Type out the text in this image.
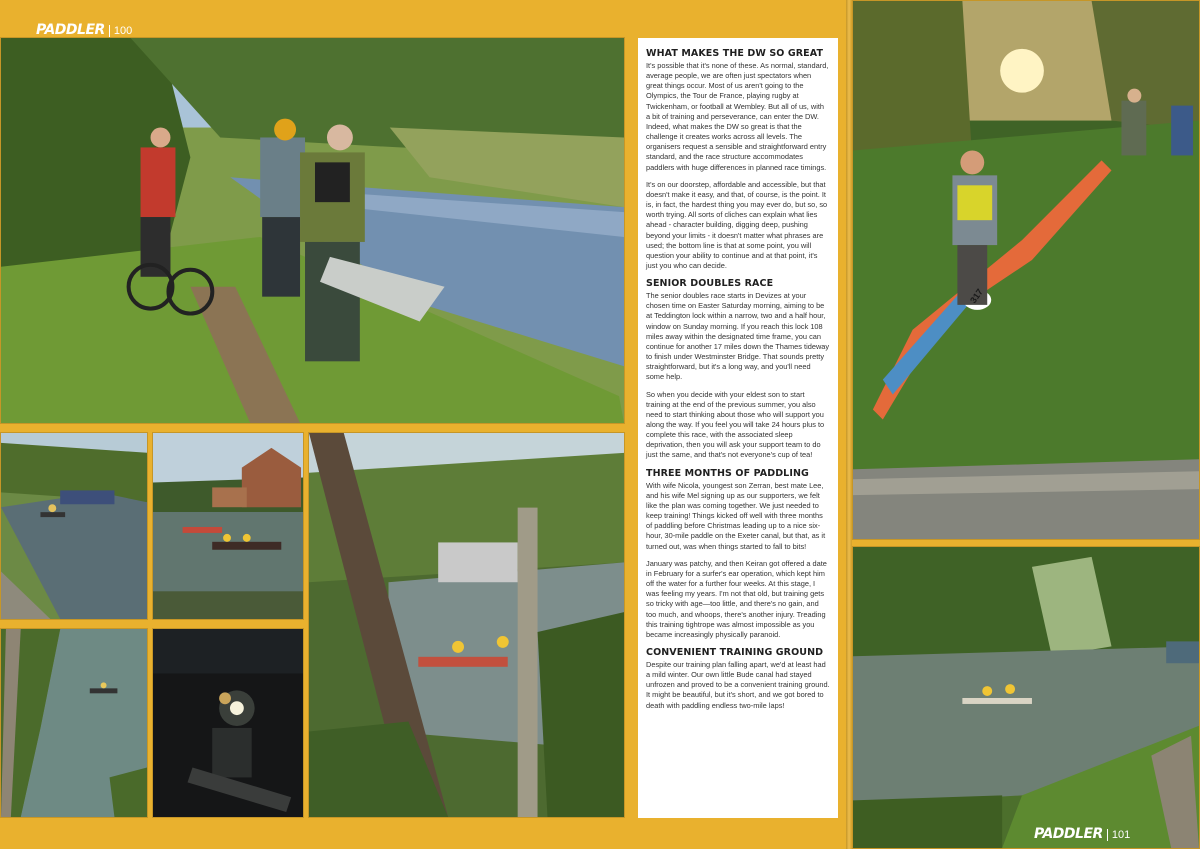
PADDLER 100
WHAT MAKES THE DW SO GREAT

It's possible that it's none of these. As normal, standard, average people, we are often just spectators when great things occur. Most of us aren't going to the Olympics, the Tour de France, playing rugby at Twickenham, or football at Wembley. But all of us, with a bit of training and perseverance, can enter the DW. Indeed, what makes the DW so great is that the challenge it creates works across all levels. The organisers request a sensible and straightforward entry standard, and the race structure accommodates paddlers with huge differences in planned race timings.

It's on our doorstep, affordable and accessible, but that doesn't make it easy, and that, of course, is the point. It is, in fact, the hardest thing you may ever do, but so, so worth trying. All sorts of cliches can explain what lies ahead - character building, digging deep, pushing beyond your limits - it doesn't matter what phrases are used; the bottom line is that at some point, you will question your ability to continue and at that point, it's just you who can decide.

SENIOR DOUBLES RACE

The senior doubles race starts in Devizes at your chosen time on Easter Saturday morning, aiming to be at Teddington lock within a narrow, two and a half hour, window on Sunday morning. If you reach this lock 108 miles away within the designated time frame, you can continue for another 17 miles down the Thames tideway to finish under Westminster Bridge. That sounds pretty straightforward, but it's a long way, and you'll need some help.

So when you decide with your eldest son to start training at the end of the previous summer, you also need to start thinking about those who will support you along the way. If you feel you will take 24 hours plus to complete this race, with the associated sleep deprivation, then you will ask your support team to do just the same, and that's not everyone's cup of tea!

THREE MONTHS OF PADDLING

With wife Nicola, youngest son Zerran, best mate Lee, and his wife Mel signing up as our supporters, we felt like the plan was coming together. We just needed to keep training! Things kicked off well with three months of paddling before Christmas leading up to a nice six-hour, 30-mile paddle on the Exeter canal, but that, as it turned out, was when things started to fall to bits!

January was patchy, and then Keiran got offered a date in February for a surfer's ear operation, which kept him off the water for a further four weeks. At this stage, I was feeling my years. I'm not that old, but training gets so tricky with age—too little, and there's no gain, and too much, and whoops, there's another injury. Treading this training tightrope was almost impossible as you became increasingly physically paranoid.

CONVENIENT TRAINING GROUND

Despite our training plan falling apart, we'd at least had a mild winter. Our own little Bude canal had stayed unfrozen and proved to be a convenient training ground. It might be beautiful, but it's short, and we got bored to death with paddling endless two-mile laps!

317
PADDLER 101
